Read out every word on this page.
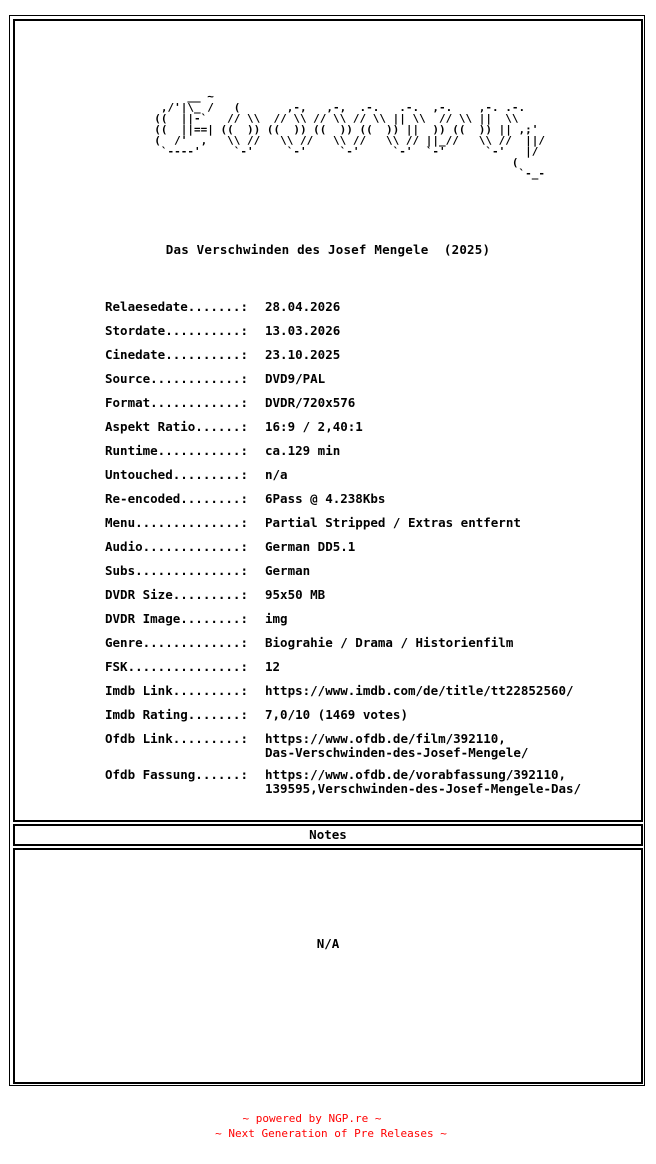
__ ~
,/'|\_ /   (       ,-,   ,-,  .-.   .-.  ,-.    ,-. .-.
((  ||-`   // \\  // \\ // \\ // \\ || \\  // \\ ||  \\
((  ||==| ((  )) ((  )) ((  )) ((  )) ||  )) ((  )) || ,;'
(  /'  ,   \\ //   \\ //   \\ //   \\ // ||_//   \\ //  ||/
`----'     `-'     `-'     `-'     `-'  `-'      `-'   |/
(
`-_-
Das Verschwinden des Josef Mengele  (2025)
Relaesedate.......:	28.04.2026
Stordate..........:	13.03.2026
Cinedate..........:	23.10.2025
Source............:	DVD9/PAL
Format............:	DVDR/720x576
Aspekt Ratio......:	16:9 / 2,40:1
Runtime...........:	ca.129 min
Untouched.........:	n/a
Re-encoded........:	6Pass @ 4.238Kbs
Menu..............:	Partial Stripped / Extras entfernt
Audio.............:	German DD5.1
Subs..............:	German
DVDR Size.........:	95x50 MB
DVDR Image........:	img
Genre.............:	Biograhie / Drama / Historienfilm
FSK...............:	12
Imdb Link.........:	https://www.imdb.com/de/title/tt22852560/
Imdb Rating.......:	7,0/10 (1469 votes)
Ofdb Link.........:	https://www.ofdb.de/film/392110,
Das-Verschwinden-des-Josef-Mengele/
Ofdb Fassung......:	https://www.ofdb.de/vorabfassung/392110,
139595,Verschwinden-des-Josef-Mengele-Das/
Notes
N/A
~ powered by NGP.re ~
~ Next Generation of Pre Releases ~
